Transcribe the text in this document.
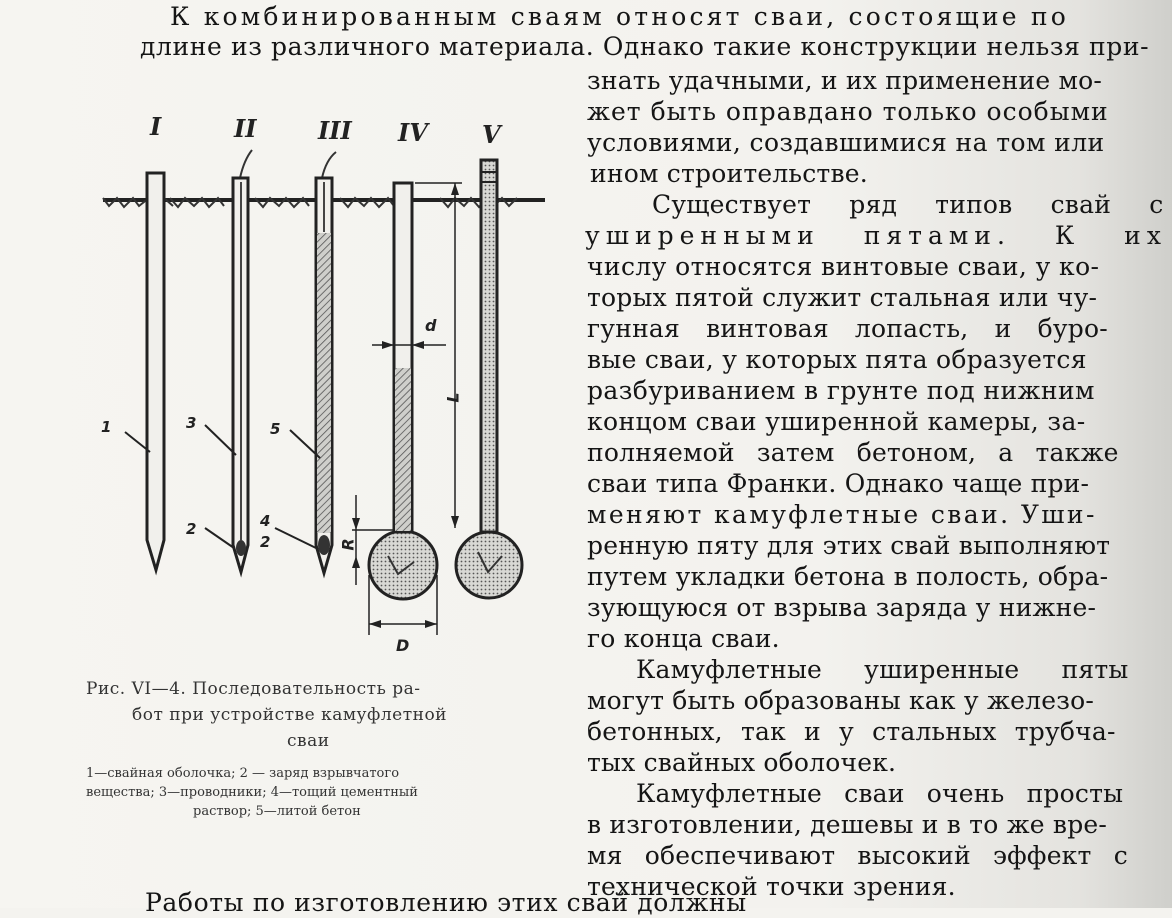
К комбинированным сваям относят сваи, состоящие по
длине из различного материала. Однако такие конструкции нельзя при-
знать удачными, и их применение мо-
жет быть оправдано только особыми
условиями, создавшимися на том или
ином строительстве.
Существует ряд типов свай с
уширенными пятами. К их
числу относятся винтовые сваи, у ко-
торых пятой служит стальная или чу-
гунная винтовая лопасть, и буро-
вые сваи, у которых пята образуется
разбуриванием в грунте под нижним
концом сваи уширенной камеры, за-
полняемой затем бетоном, а также
сваи типа Франки. Однако чаще при-
меняют камуфлетные сваи. Уши-
ренную пяту для этих свай выполняют
путем укладки бетона в полость, обра-
зующуюся от взрыва заряда у нижне-
го конца сваи.
Камуфлетные уширенные пяты
могут быть образованы как у железо-
бетонных, так и у стальных трубча-
тых свайных оболочек.
Камуфлетные сваи очень просты
в изготовлении, дешевы и в то же вре-
мя обеспечивают высокий эффект с
технической точки зрения.
Работы по изготовлению этих свай должны
I	II	III IV V
1	3	5
2	4
2
d
L
R
D
Рис. VI—4. Последовательность ра-
бот при устройстве камуфлетной
сваи
1—свайная оболочка; 2 — заряд взрывчатого
вещества; 3—проводники; 4—тощий цементный
раствор; 5—литой бетон
